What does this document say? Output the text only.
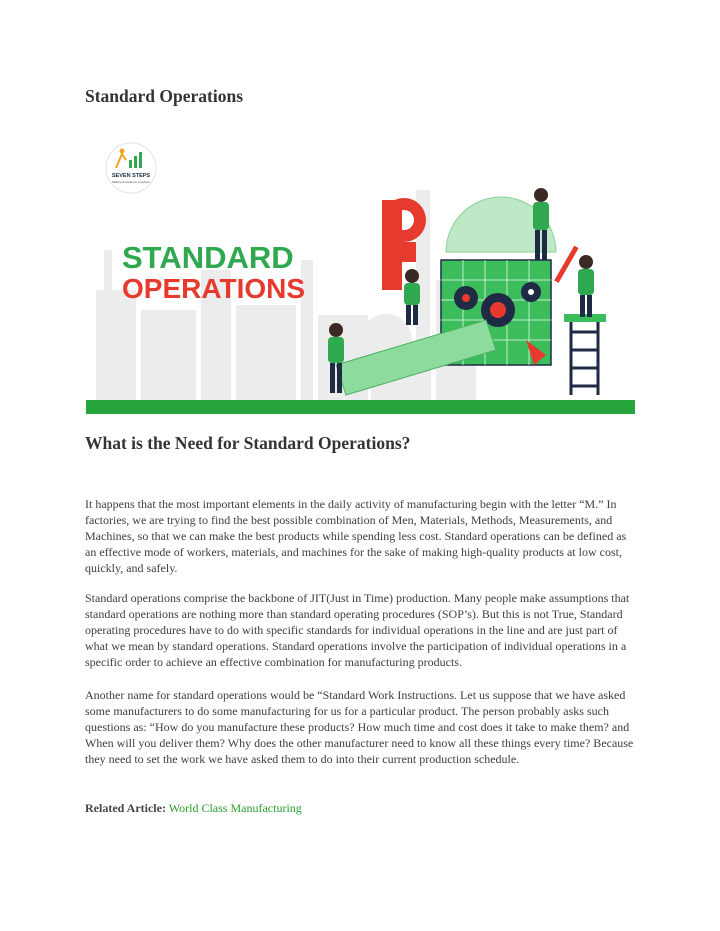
Standard Operations
SEVEN STEPS
Making Excellence a Culture
STANDARD
OPERATIONS
What is the Need for Standard Operations?

It happens that the most important elements in the daily activity of manufacturing begin with the letter “M.” In factories, we are trying to find the best possible combination of Men, Materials, Methods, Measurements, and Machines, so that we can make the best products while spending less cost. Standard operations can be defined as an effective mode of workers, materials, and machines for the sake of making high-quality products at low cost, quickly, and safely.

Standard operations comprise the backbone of JIT(Just in Time) production. Many people make assumptions that standard operations are nothing more than standard operating procedures (SOP’s). But this is not True, Standard operating procedures have to do with specific standards for individual operations in the line and are just part of what we mean by standard operations. Standard operations involve the participation of individual operations in a specific order to achieve an effective combination for manufacturing products.

Another name for standard operations would be “Standard Work Instructions. Let us suppose that we have asked some manufacturers to do some manufacturing for us for a particular product. The person probably asks such questions as: “How do you manufacture these products? How much time and cost does it take to make them? and When will you deliver them? Why does the other manufacturer need to know all these things every time? Because they need to set the work we have asked them to do into their current production schedule.

Related Article: World Class Manufacturing
